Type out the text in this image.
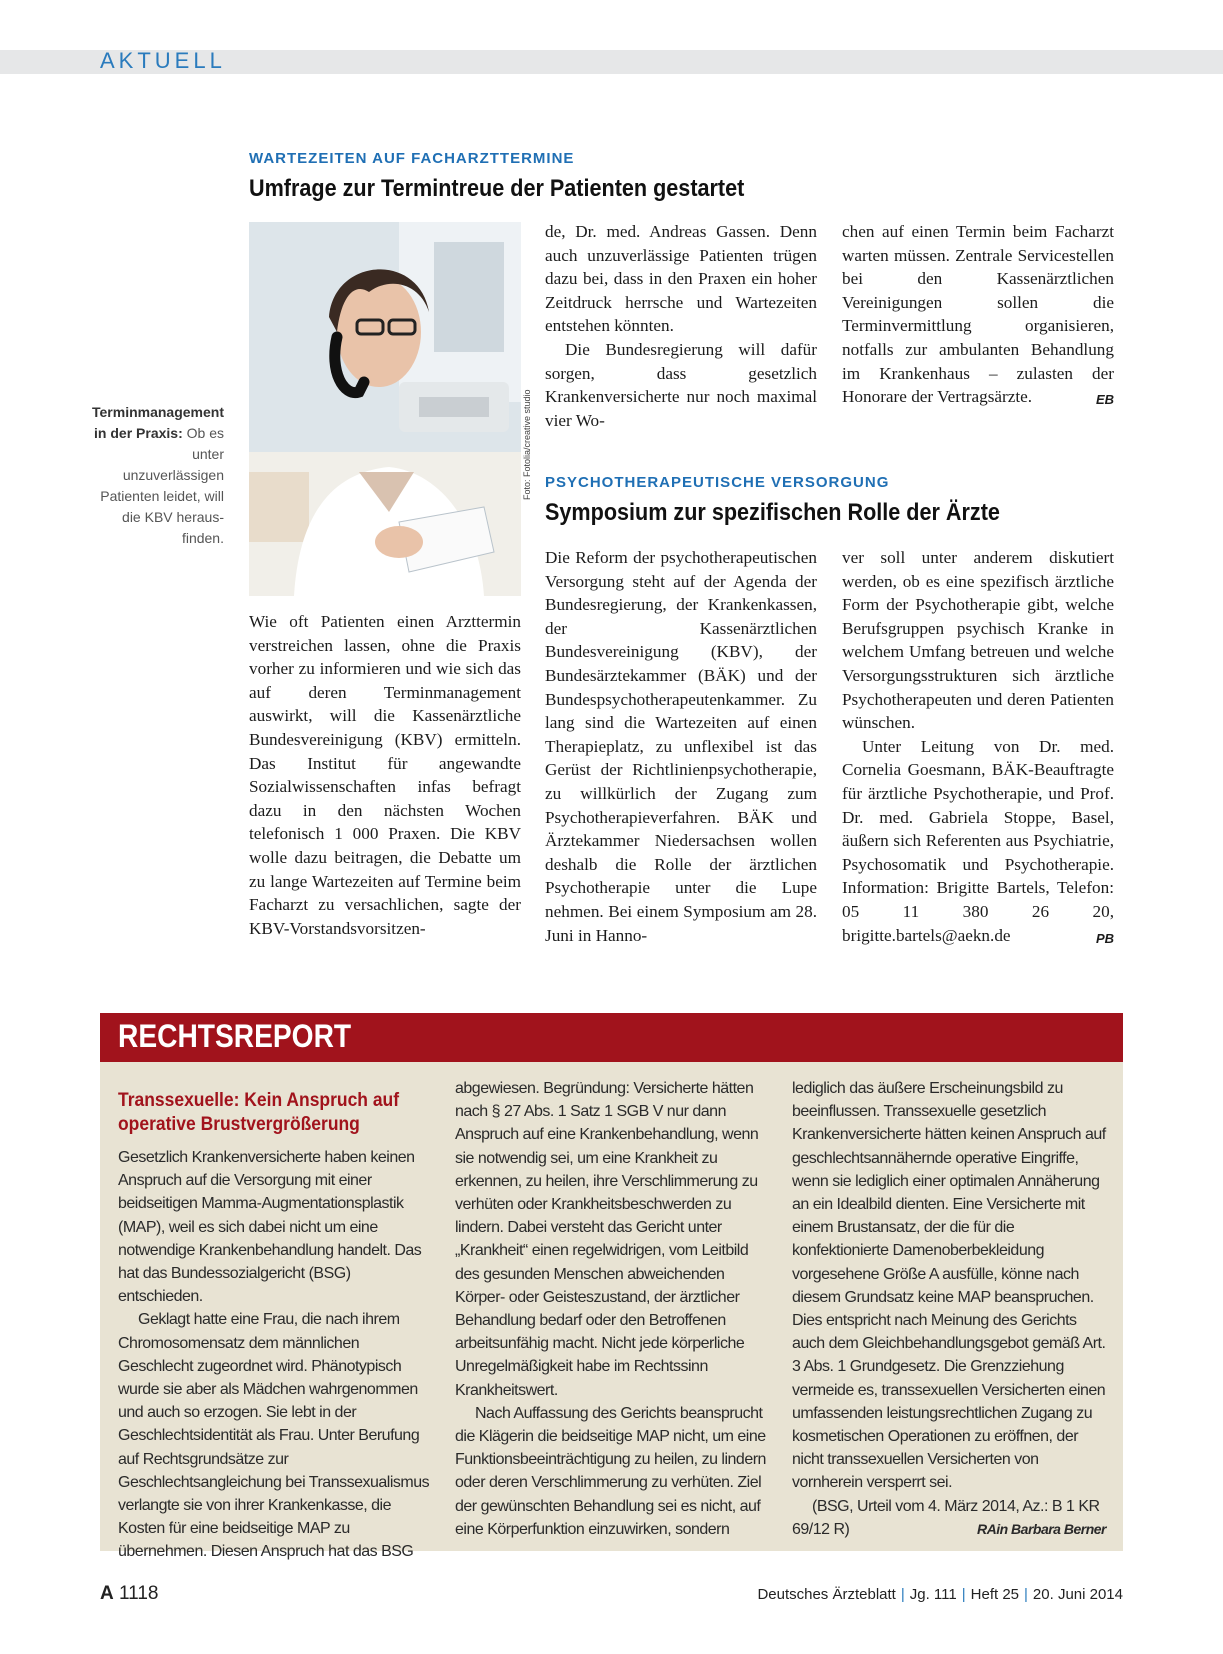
AKTUELL
WARTEZEITEN AUF FACHARZTTERMINE
Umfrage zur Termintreue der Patienten gestartet
Foto: Fotolia/creative studio
Terminmanagement in der Praxis: Ob es unter unzuverlässigen Patienten leidet, will die KBV herausfinden.

Wie oft Patienten einen Arzttermin verstreichen lassen, ohne die Praxis vorher zu informieren und wie sich das auf deren Terminmanagement auswirkt, will die Kassenärztliche Bundesvereinigung (KBV) ermitteln. Das Institut für angewandte Sozialwissenschaften infas befragt dazu in den nächsten Wochen telefonisch 1 000 Praxen. Die KBV wolle dazu beitragen, die Debatte um zu lange Wartezeiten auf Termine beim Facharzt zu versachlichen, sagte der KBV-Vorstandsvorsitzen-

de, Dr. med. Andreas Gassen. Denn auch unzuverlässige Patienten trügen dazu bei, dass in den Praxen ein hoher Zeitdruck herrsche und Wartezeiten entstehen könnten.

Die Bundesregierung will dafür sorgen, dass gesetzlich Krankenversicherte nur noch maximal vier Wo-

chen auf einen Termin beim Facharzt warten müssen. Zentrale Servicestellen bei den Kassenärztlichen Vereinigungen sollen die Terminvermittlung organisieren, notfalls zur ambulanten Behandlung im Krankenhaus – zulasten der Honorare der Vertragsärzte.	EB

PSYCHOTHERAPEUTISCHE VERSORGUNG
Symposium zur spezifischen Rolle der Ärzte

Die Reform der psychotherapeutischen Versorgung steht auf der Agenda der Bundesregierung, der Krankenkassen, der Kassenärztlichen Bundesvereinigung (KBV), der Bundesärztekammer (BÄK) und der Bundespsychotherapeutenkammer. Zu lang sind die Wartezeiten auf einen Therapieplatz, zu unflexibel ist das Gerüst der Richtlinienpsychotherapie, zu willkürlich der Zugang zum Psychotherapieverfahren. BÄK und Ärztekammer Niedersachsen wollen deshalb die Rolle der ärztlichen Psychotherapie unter die Lupe nehmen. Bei einem Symposium am 28. Juni in Hanno-

ver soll unter anderem diskutiert werden, ob es eine spezifisch ärztliche Form der Psychotherapie gibt, welche Berufsgruppen psychisch Kranke in welchem Umfang betreuen und welche Versorgungsstrukturen sich ärztliche Psychotherapeuten und deren Patienten wünschen.

Unter Leitung von Dr. med. Cornelia Goesmann, BÄK-Beauftragte für ärztliche Psychotherapie, und Prof. Dr. med. Gabriela Stoppe, Basel, äußern sich Referenten aus Psychiatrie, Psychosomatik und Psychotherapie. Information: Brigitte Bartels, Telefon: 05 11 380 26 20, brigitte.bartels@aekn.de	PB

RECHTSREPORT
Transsexuelle: Kein Anspruch auf operative Brustvergrößerung

Gesetzlich Krankenversicherte haben keinen Anspruch auf die Versorgung mit einer beidseitigen Mamma-Augmentationsplastik (MAP), weil es sich dabei nicht um eine notwendige Krankenbehandlung handelt. Das hat das Bundessozialgericht (BSG) entschieden.

Geklagt hatte eine Frau, die nach ihrem Chromosomensatz dem männlichen Geschlecht zugeordnet wird. Phänotypisch wurde sie aber als Mädchen wahrgenommen und auch so erzogen. Sie lebt in der Geschlechtsidentität als Frau. Unter Berufung auf Rechtsgrundsätze zur Geschlechtsangleichung bei Transsexualismus verlangte sie von ihrer Krankenkasse, die Kosten für eine beidseitige MAP zu übernehmen. Diesen Anspruch hat das BSG

abgewiesen. Begründung: Versicherte hätten nach § 27 Abs. 1 Satz 1 SGB V nur dann Anspruch auf eine Krankenbehandlung, wenn sie notwendig sei, um eine Krankheit zu erkennen, zu heilen, ihre Verschlimmerung zu verhüten oder Krankheitsbeschwerden zu lindern. Dabei versteht das Gericht unter „Krankheit“ einen regelwidrigen, vom Leitbild des gesunden Menschen abweichenden Körper- oder Geisteszustand, der ärztlicher Behandlung bedarf oder den Betroffenen arbeitsunfähig macht. Nicht jede körperliche Unregelmäßigkeit habe im Rechtssinn Krankheitswert.

Nach Auffassung des Gerichts beansprucht die Klägerin die beidseitige MAP nicht, um eine Funktionsbeeinträchtigung zu heilen, zu lindern oder deren Verschlimmerung zu verhüten. Ziel der gewünschten Behandlung sei es nicht, auf eine Körperfunktion einzuwirken, sondern

lediglich das äußere Erscheinungsbild zu beeinflussen. Transsexuelle gesetzlich Krankenversicherte hätten keinen Anspruch auf geschlechtsannähernde operative Eingriffe, wenn sie lediglich einer optimalen Annäherung an ein Idealbild dienten. Eine Versicherte mit einem Brustansatz, der die für die konfektionierte Damenoberbekleidung vorgesehene Größe A ausfülle, könne nach diesem Grundsatz keine MAP beanspruchen. Dies entspricht nach Meinung des Gerichts auch dem Gleichbehandlungsgebot gemäß Art. 3 Abs. 1 Grundgesetz. Die Grenzziehung vermeide es, transsexuellen Versicherten einen umfassenden leistungsrechtlichen Zugang zu kosmetischen Operationen zu eröffnen, der nicht transsexuellen Versicherten von vornherein versperrt sei.

(BSG, Urteil vom 4. März 2014, Az.: B 1 KR 69/12 R)	RAin Barbara Berner

A 1118	Deutsches Ärzteblatt | Jg. 111 | Heft 25 | 20. Juni 2014
